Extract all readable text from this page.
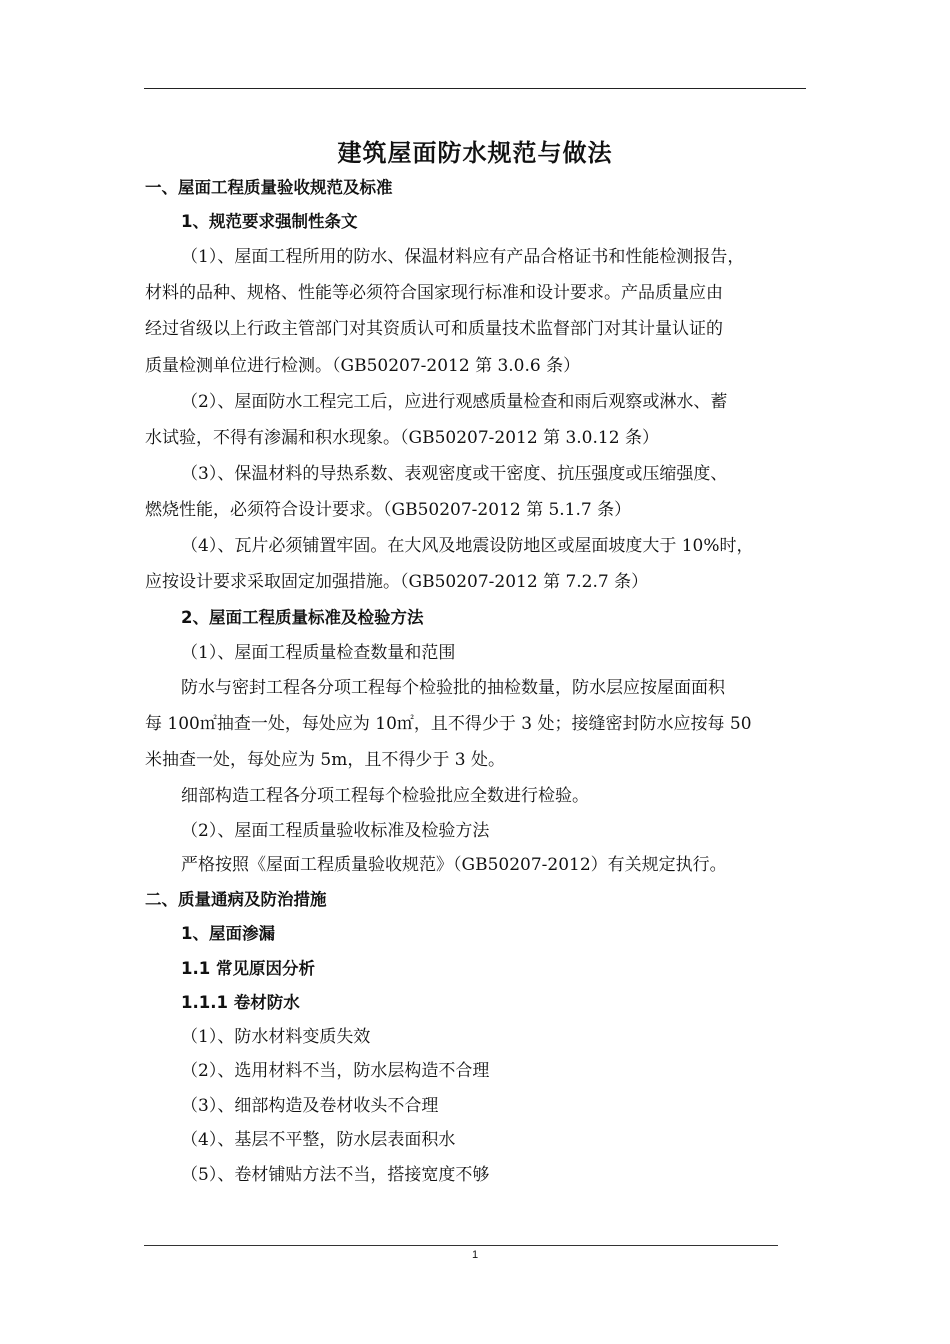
建筑屋面防水规范与做法
一、屋面工程质量验收规范及标准
1、规范要求强制性条文
（1）、屋面工程所用的防水、保温材料应有产品合格证书和性能检测报告，
材料的品种、规格、性能等必须符合国家现行标准和设计要求。产品质量应由
经过省级以上行政主管部门对其资质认可和质量技术监督部门对其计量认证的
质量检测单位进行检测。（GB50207-2012 第 3.0.6 条）
（2）、屋面防水工程完工后，应进行观感质量检查和雨后观察或淋水、蓄
水试验，不得有渗漏和积水现象。（GB50207-2012 第 3.0.12 条）
（3）、保温材料的导热系数、表观密度或干密度、抗压强度或压缩强度、
燃烧性能，必须符合设计要求。（GB50207-2012 第 5.1.7 条）
（4）、瓦片必须铺置牢固。在大风及地震设防地区或屋面坡度大于 10%时，
应按设计要求采取固定加强措施。（GB50207-2012 第 7.2.7 条）
2、屋面工程质量标准及检验方法
（1）、屋面工程质量检查数量和范围
防水与密封工程各分项工程每个检验批的抽检数量，防水层应按屋面面积
每 100㎡抽查一处，每处应为 10㎡，且不得少于 3 处；接缝密封防水应按每 50
米抽查一处，每处应为 5m，且不得少于 3 处。
细部构造工程各分项工程每个检验批应全数进行检验。
（2）、屋面工程质量验收标准及检验方法
严格按照《屋面工程质量验收规范》（GB50207-2012）有关规定执行。
二、质量通病及防治措施
1、屋面渗漏
1.1 常见原因分析
1.1.1 卷材防水
（1）、防水材料变质失效
（2）、选用材料不当，防水层构造不合理
（3）、细部构造及卷材收头不合理
（4）、基层不平整，防水层表面积水
（5）、卷材铺贴方法不当，搭接宽度不够
1
